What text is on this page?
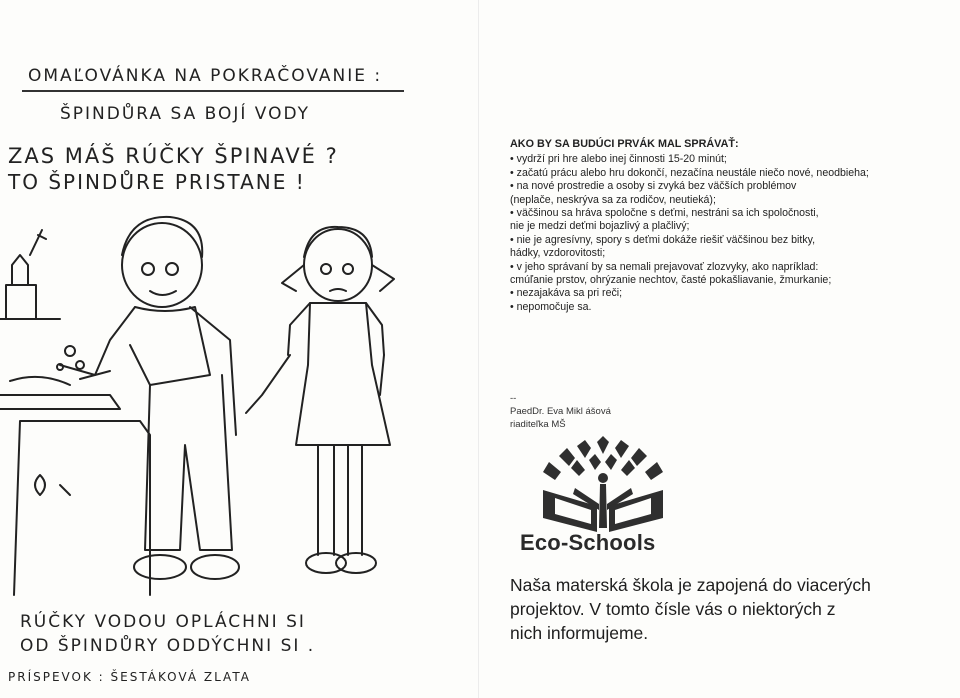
OMAĽOVÁNKA NA POKRAČOVANIE :
ŠPINDŮRA SA BOJÍ VODY
ZAS MÁŠ RÚČKY ŠPINAVÉ ?
TO ŠPINDŮRE PRISTANE !
RÚČKY VODOU OPLÁCHNI SI
OD ŠPINDŮRY ODDÝCHNI SI .
PRÍSPEVOK : ŠESTÁKOVÁ ZLATA
AKO BY SA BUDÚCI PRVÁK MAL SPRÁVAŤ:
• vydrží pri hre alebo inej činnosti 15-20 minút;
• začatú prácu alebo hru dokončí, nezačína neustále niečo nové, neodbieha;
• na nové prostredie a osoby si zvyká bez väčších problémov
(neplače, neskrýva sa za rodičov, neutieká);
• väčšinou sa hráva spoločne s deťmi, nestráni sa ich spoločnosti,
nie je medzi deťmi bojazlivý a plačlivý;
• nie je agresívny, spory s deťmi dokáže riešiť väčšinou bez bitky,
hádky, vzdorovitosti;
• v jeho správaní by sa nemali prejavovať zlozvyky, ako napríklad:
cmúľanie prstov, ohrýzanie nechtov, časté pokašliavanie, žmurkanie;
• nezajakáva sa pri reči;
• nepomočuje sa.
--
PaedDr. Eva Mikl ášová
riaditeľka MŠ
Eco-Schools
Naša materská škola je zapojená do viacerých
projektov. V tomto čísle vás o niektorých z
nich informujeme.
